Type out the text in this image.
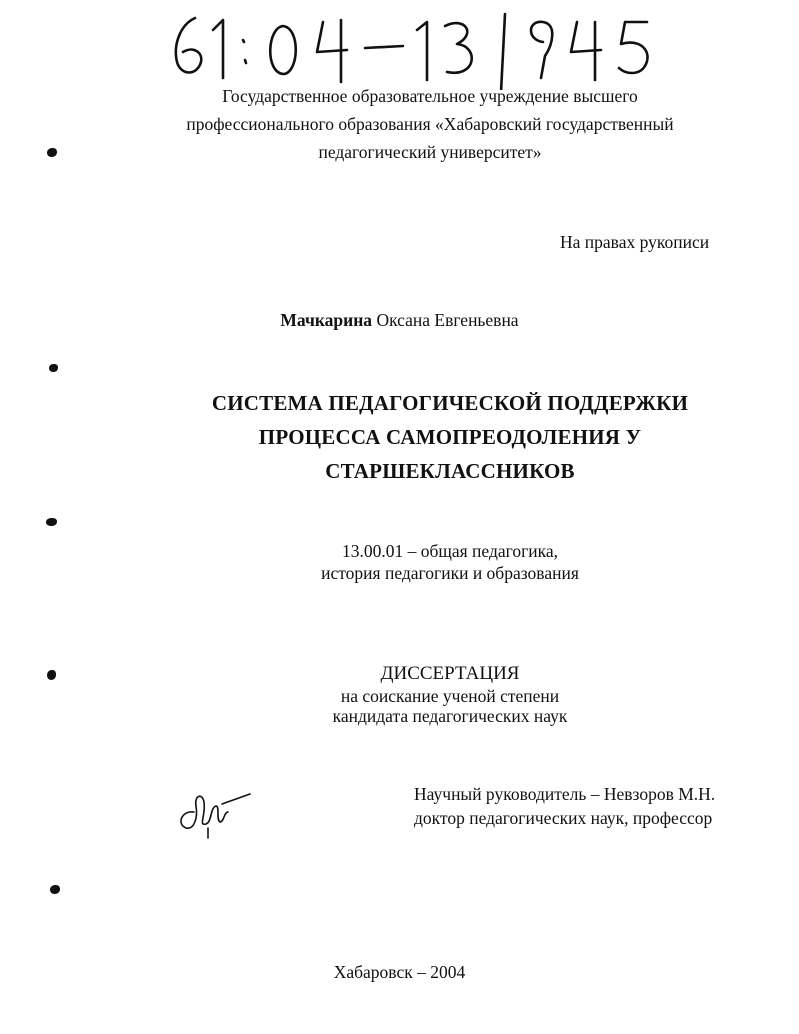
Государственное образовательное учреждение высшего
профессионального образования «Хабаровский государственный
педагогический университет»
На правах рукописи
Мачкарина Оксана Евгеньевна
СИСТЕМА ПЕДАГОГИЧЕСКОЙ ПОДДЕРЖКИ
ПРОЦЕССА САМОПРЕОДОЛЕНИЯ У
СТАРШЕКЛАССНИКОВ
13.00.01 – общая педагогика,
история педагогики и образования
ДИССЕРТАЦИЯ
на соискание ученой степени
кандидата педагогических наук
Научный руководитель – Невзоров М.Н.
доктор педагогических наук, профессор
Хабаровск – 2004
